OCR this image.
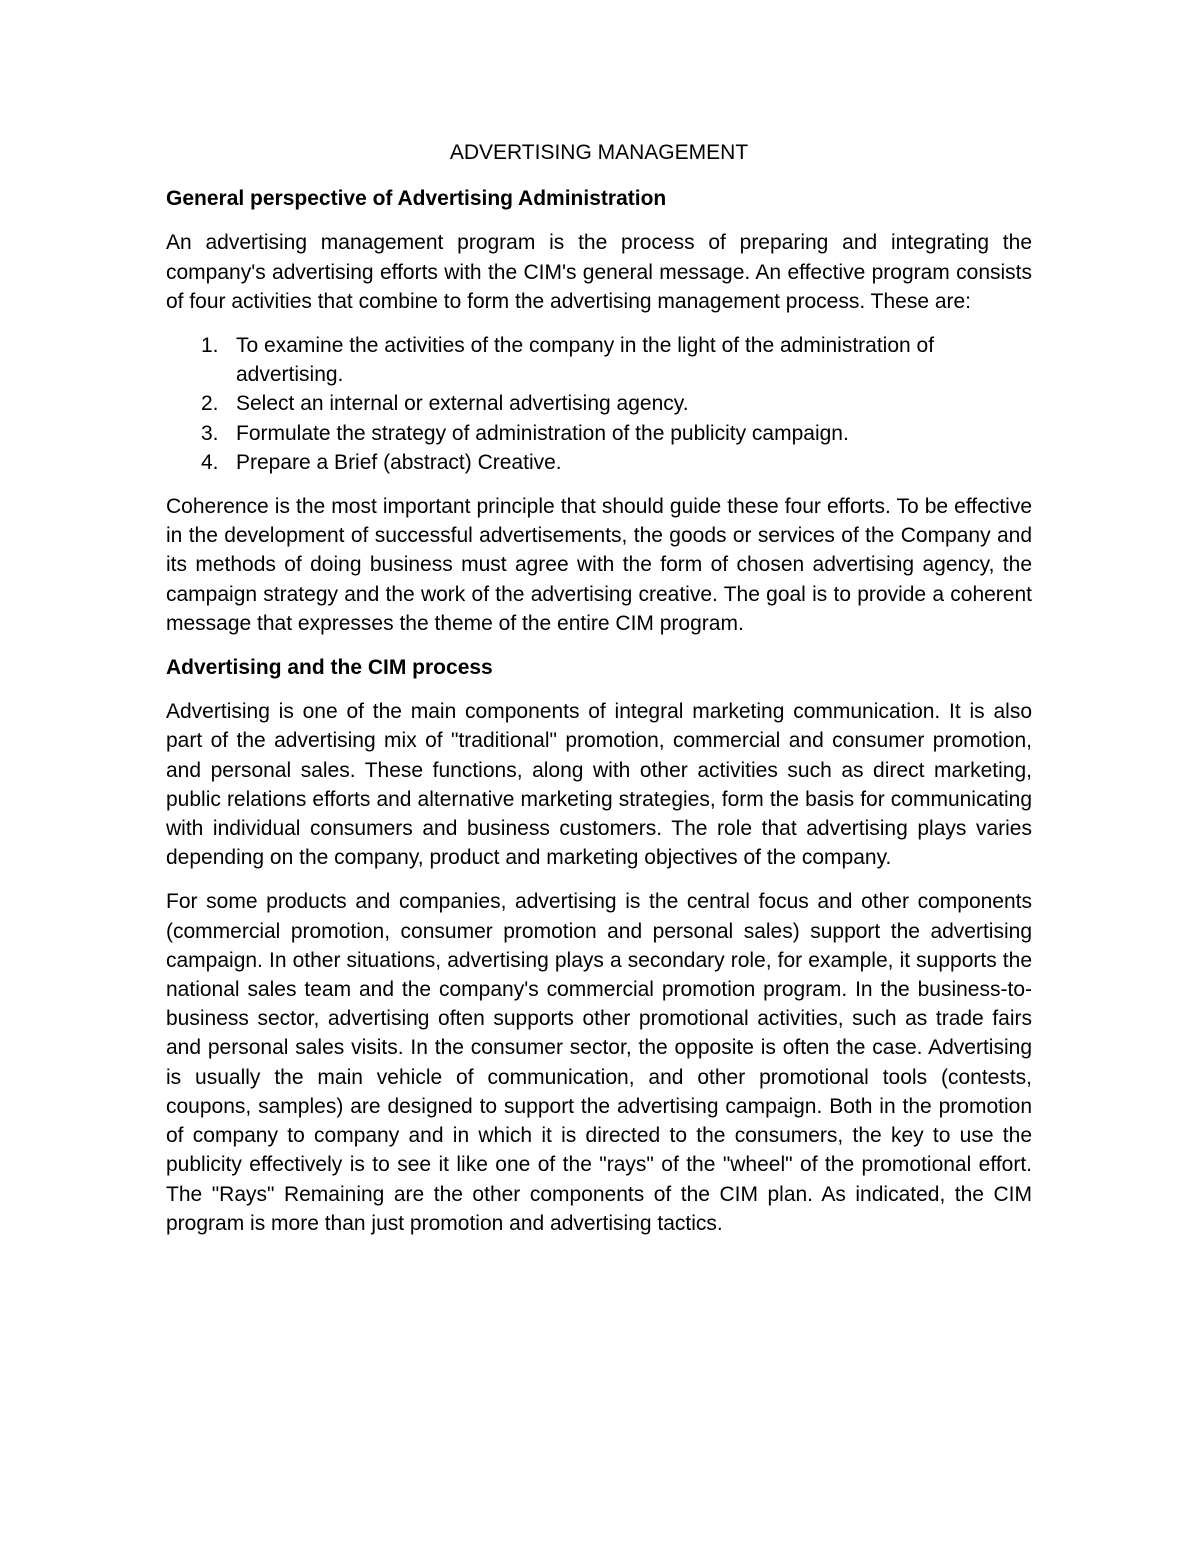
ADVERTISING MANAGEMENT
General perspective of Advertising Administration

An advertising management program is the process of preparing and integrating the company's advertising efforts with the CIM's general message. An effective program consists of four activities that combine to form the advertising management process. These are:

1. To examine the activities of the company in the light of the administration of advertising.
2. Select an internal or external advertising agency.
3. Formulate the strategy of administration of the publicity campaign.
4. Prepare a Brief (abstract) Creative.

Coherence is the most important principle that should guide these four efforts. To be effective in the development of successful advertisements, the goods or services of the Company and its methods of doing business must agree with the form of chosen advertising agency, the campaign strategy and the work of the advertising creative. The goal is to provide a coherent message that expresses the theme of the entire CIM program.

Advertising and the CIM process

Advertising is one of the main components of integral marketing communication. It is also part of the advertising mix of "traditional" promotion, commercial and consumer promotion, and personal sales. These functions, along with other activities such as direct marketing, public relations efforts and alternative marketing strategies, form the basis for communicating with individual consumers and business customers. The role that advertising plays varies depending on the company, product and marketing objectives of the company.

For some products and companies, advertising is the central focus and other components (commercial promotion, consumer promotion and personal sales) support the advertising campaign. In other situations, advertising plays a secondary role, for example, it supports the national sales team and the company's commercial promotion program. In the business-to-business sector, advertising often supports other promotional activities, such as trade fairs and personal sales visits. In the consumer sector, the opposite is often the case. Advertising is usually the main vehicle of communication, and other promotional tools (contests, coupons, samples) are designed to support the advertising campaign. Both in the promotion of company to company and in which it is directed to the consumers, the key to use the publicity effectively is to see it like one of the "rays" of the "wheel" of the promotional effort. The "Rays" Remaining are the other components of the CIM plan. As indicated, the CIM program is more than just promotion and advertising tactics.
